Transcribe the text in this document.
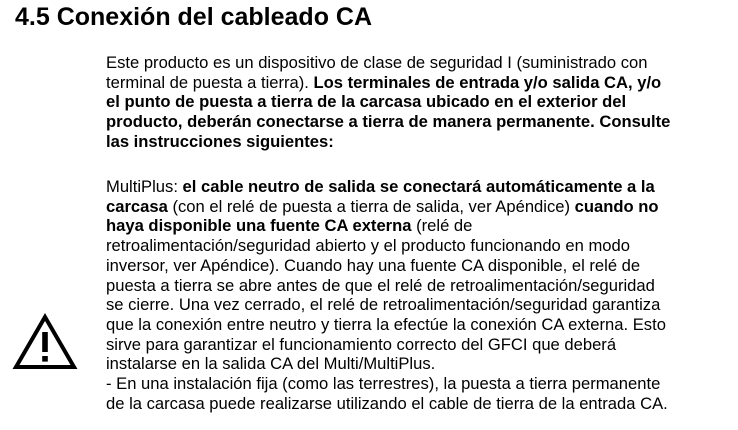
4.5 Conexión del cableado CA

Este producto es un dispositivo de clase de seguridad I (suministrado con
terminal de puesta a tierra). Los terminales de entrada y/o salida CA, y/o
el punto de puesta a tierra de la carcasa ubicado en el exterior del
producto, deberán conectarse a tierra de manera permanente. Consulte
las instrucciones siguientes:

MultiPlus: el cable neutro de salida se conectará automáticamente a la
carcasa (con el relé de puesta a tierra de salida, ver Apéndice) cuando no
haya disponible una fuente CA externa (relé de
retroalimentación/seguridad abierto y el producto funcionando en modo
inversor, ver Apéndice). Cuando hay una fuente CA disponible, el relé de
puesta a tierra se abre antes de que el relé de retroalimentación/seguridad
se cierre. Una vez cerrado, el relé de retroalimentación/seguridad garantiza
que la conexión entre neutro y tierra la efectúe la conexión CA externa. Esto
sirve para garantizar el funcionamiento correcto del GFCI que deberá
instalarse en la salida CA del Multi/MultiPlus.
- En una instalación fija (como las terrestres), la puesta a tierra permanente
de la carcasa puede realizarse utilizando el cable de tierra de la entrada CA.
